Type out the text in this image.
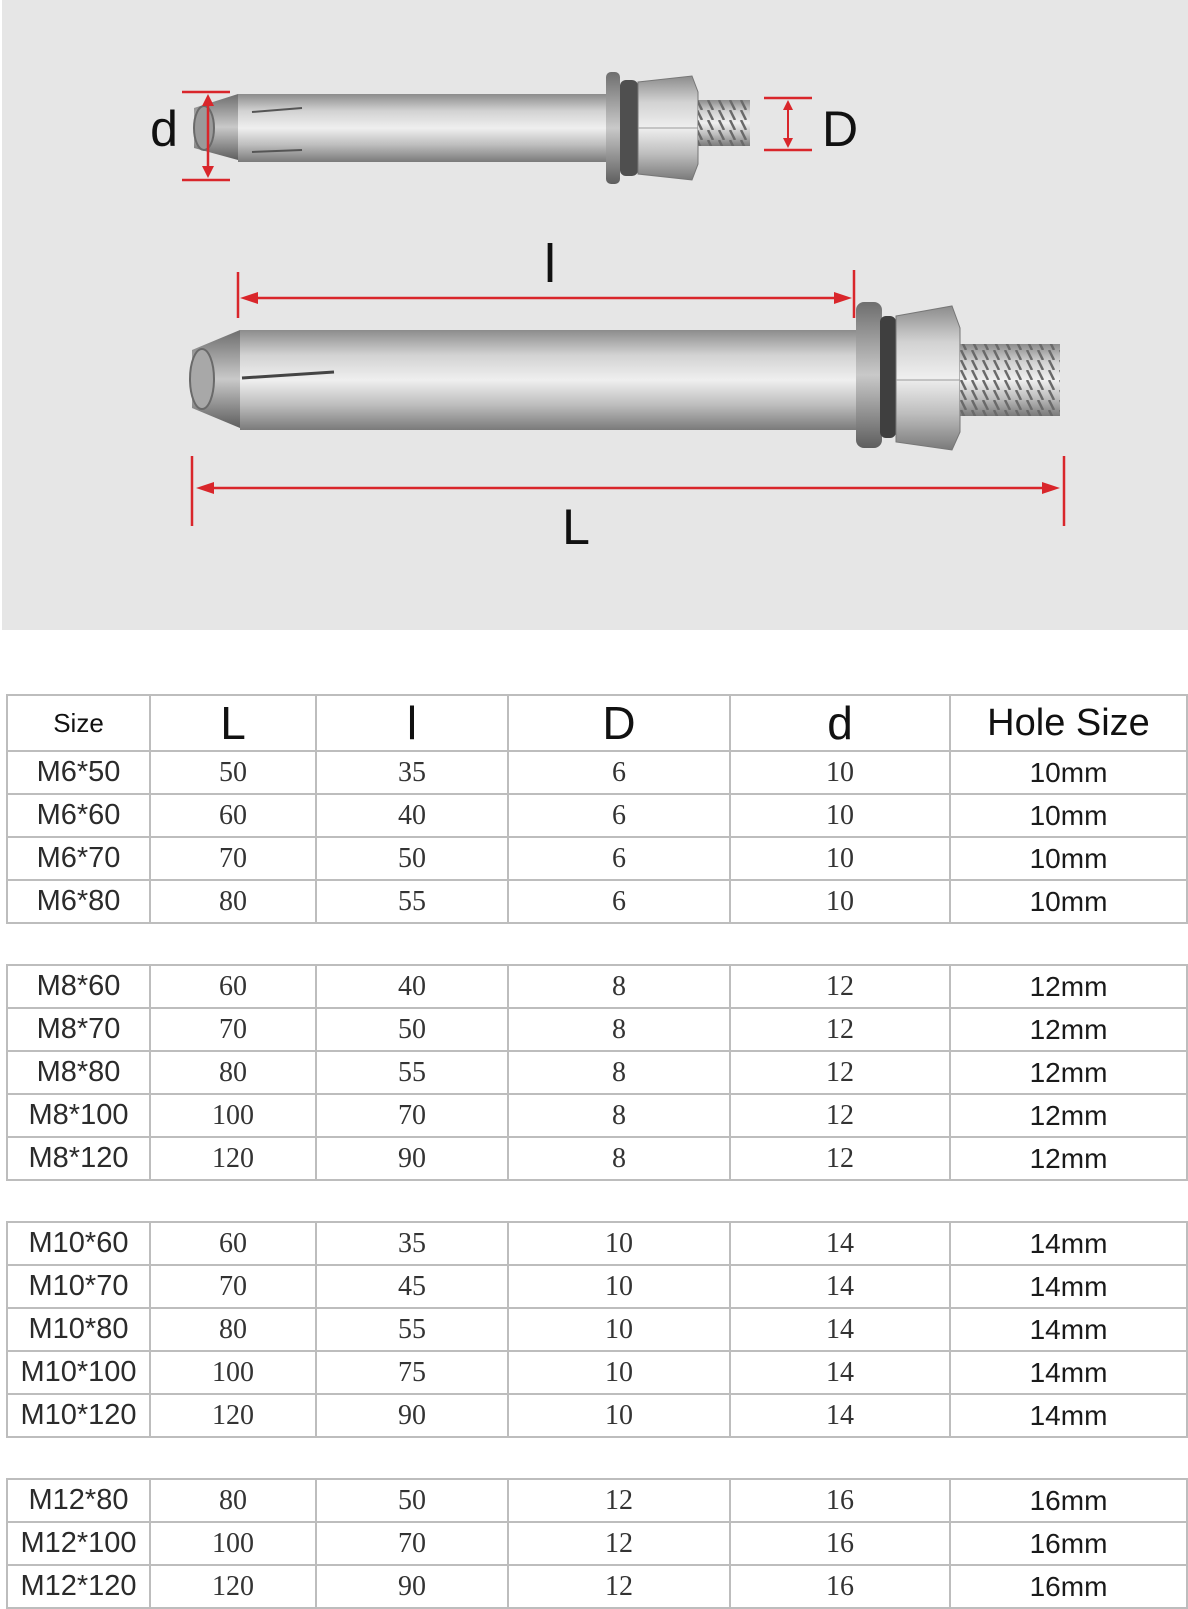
d	D
l
L
Size	L	l	D	d	Hole Size
M6*50	50	35	6	10	10mm
M6*60	60	40	6	10	10mm
M6*70	70	50	6	10	10mm
M6*80	80	55	6	10	10mm

M8*60	60	40	8	12	12mm
M8*70	70	50	8	12	12mm
M8*80	80	55	8	12	12mm
M8*100	100	70	8	12	12mm
M8*120	120	90	8	12	12mm

M10*60	60	35	10	14	14mm
M10*70	70	45	10	14	14mm
M10*80	80	55	10	14	14mm
M10*100	100	75	10	14	14mm
M10*120	120	90	10	14	14mm

M12*80	80	50	12	16	16mm
M12*100	100	70	12	16	16mm
M12*120	120	90	12	16	16mm
